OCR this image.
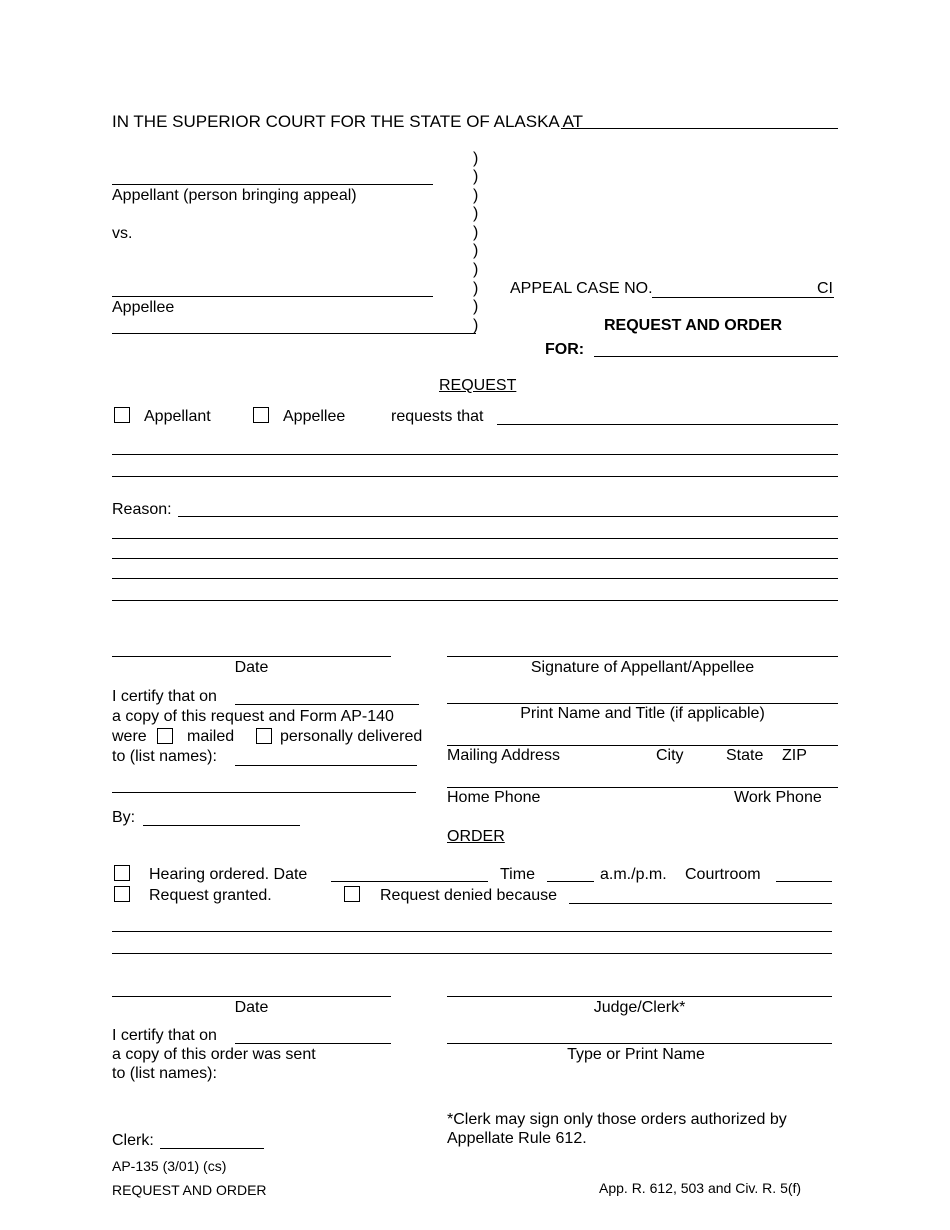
IN THE SUPERIOR COURT FOR THE STATE OF ALASKA AT
Appellant (person bringing appeal)
vs.
Appellee
)
)
)
)
)
)
)
)
)
)
APPEAL CASE NO.	CI
REQUEST AND ORDER
FOR:
REQUEST
Appellant	Appellee	requests that
Reason:
Date	Signature of Appellant/Appellee
I certify that on
a copy of this request and Form AP-140
were	mailed	personally delivered
to (list names):
Print Name and Title (if applicable)
Mailing Address	City	State ZIP
Home Phone	Work Phone
By:
ORDER
Hearing ordered. Date	Time	a.m./p.m. Courtroom
Request granted.	Request denied because
Date	Judge/Clerk*
I certify that on
a copy of this order was sent
to (list names):
Type or Print Name
*Clerk may sign only those orders authorized by
Appellate Rule 612.
Clerk:
AP-135 (3/01) (cs)
REQUEST AND ORDER	App. R. 612, 503 and Civ. R. 5(f)
